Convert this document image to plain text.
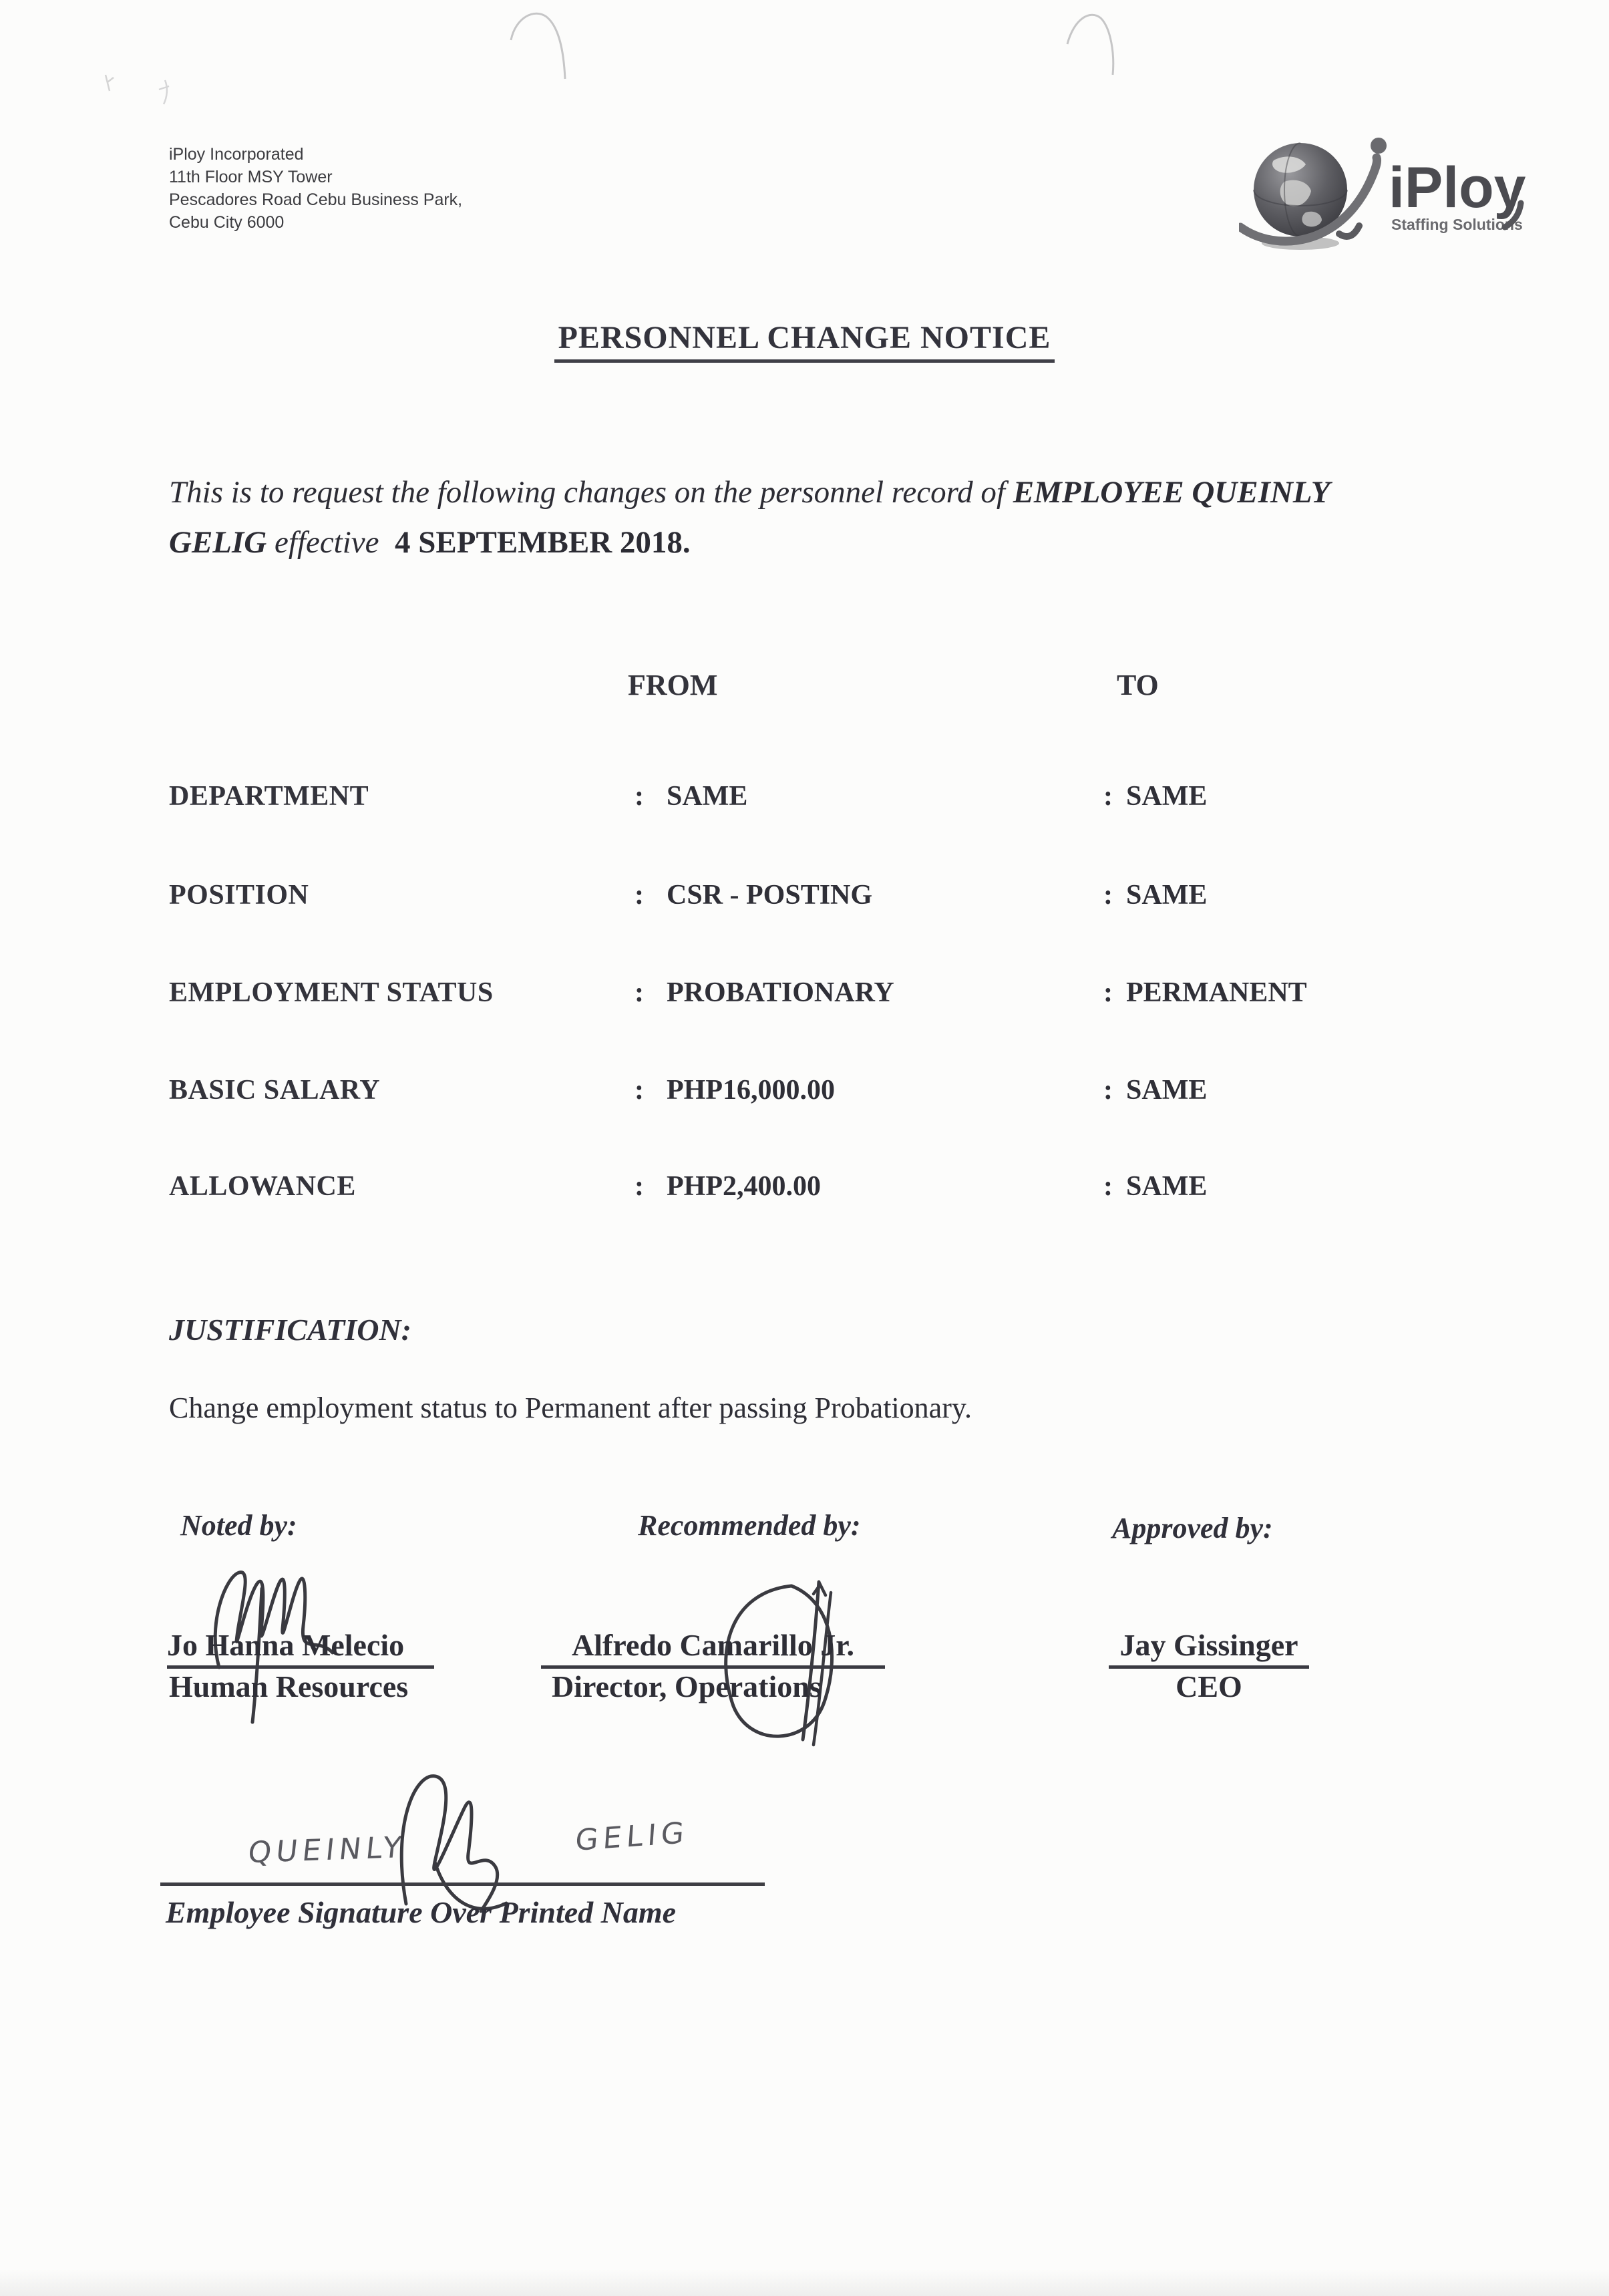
iPloy Incorporated
11th Floor MSY Tower
Pescadores Road Cebu Business Park,
Cebu City 6000
iPloy
Staffing Solutions
PERSONNEL CHANGE NOTICE
This is to request the following changes on the personnel record of EMPLOYEE QUEINLY
GELIG effective  4 SEPTEMBER 2018.
FROM	TO
DEPARTMENT	: SAME	: SAME
POSITION	: CSR - POSTING	: SAME
EMPLOYMENT STATUS	: PROBATIONARY	: PERMANENT
BASIC SALARY	: PHP16,000.00	: SAME
ALLOWANCE	: PHP2,400.00	: SAME
JUSTIFICATION:
Change employment status to Permanent after passing Probationary.
Noted by:	Recommended by:	Approved by:
Jo Hanna Melecio
Human Resources
Alfredo Camarillo Jr.
Director, Operations
Jay Gissinger
CEO
QUEINLY	GELIG
Employee Signature Over Printed Name
